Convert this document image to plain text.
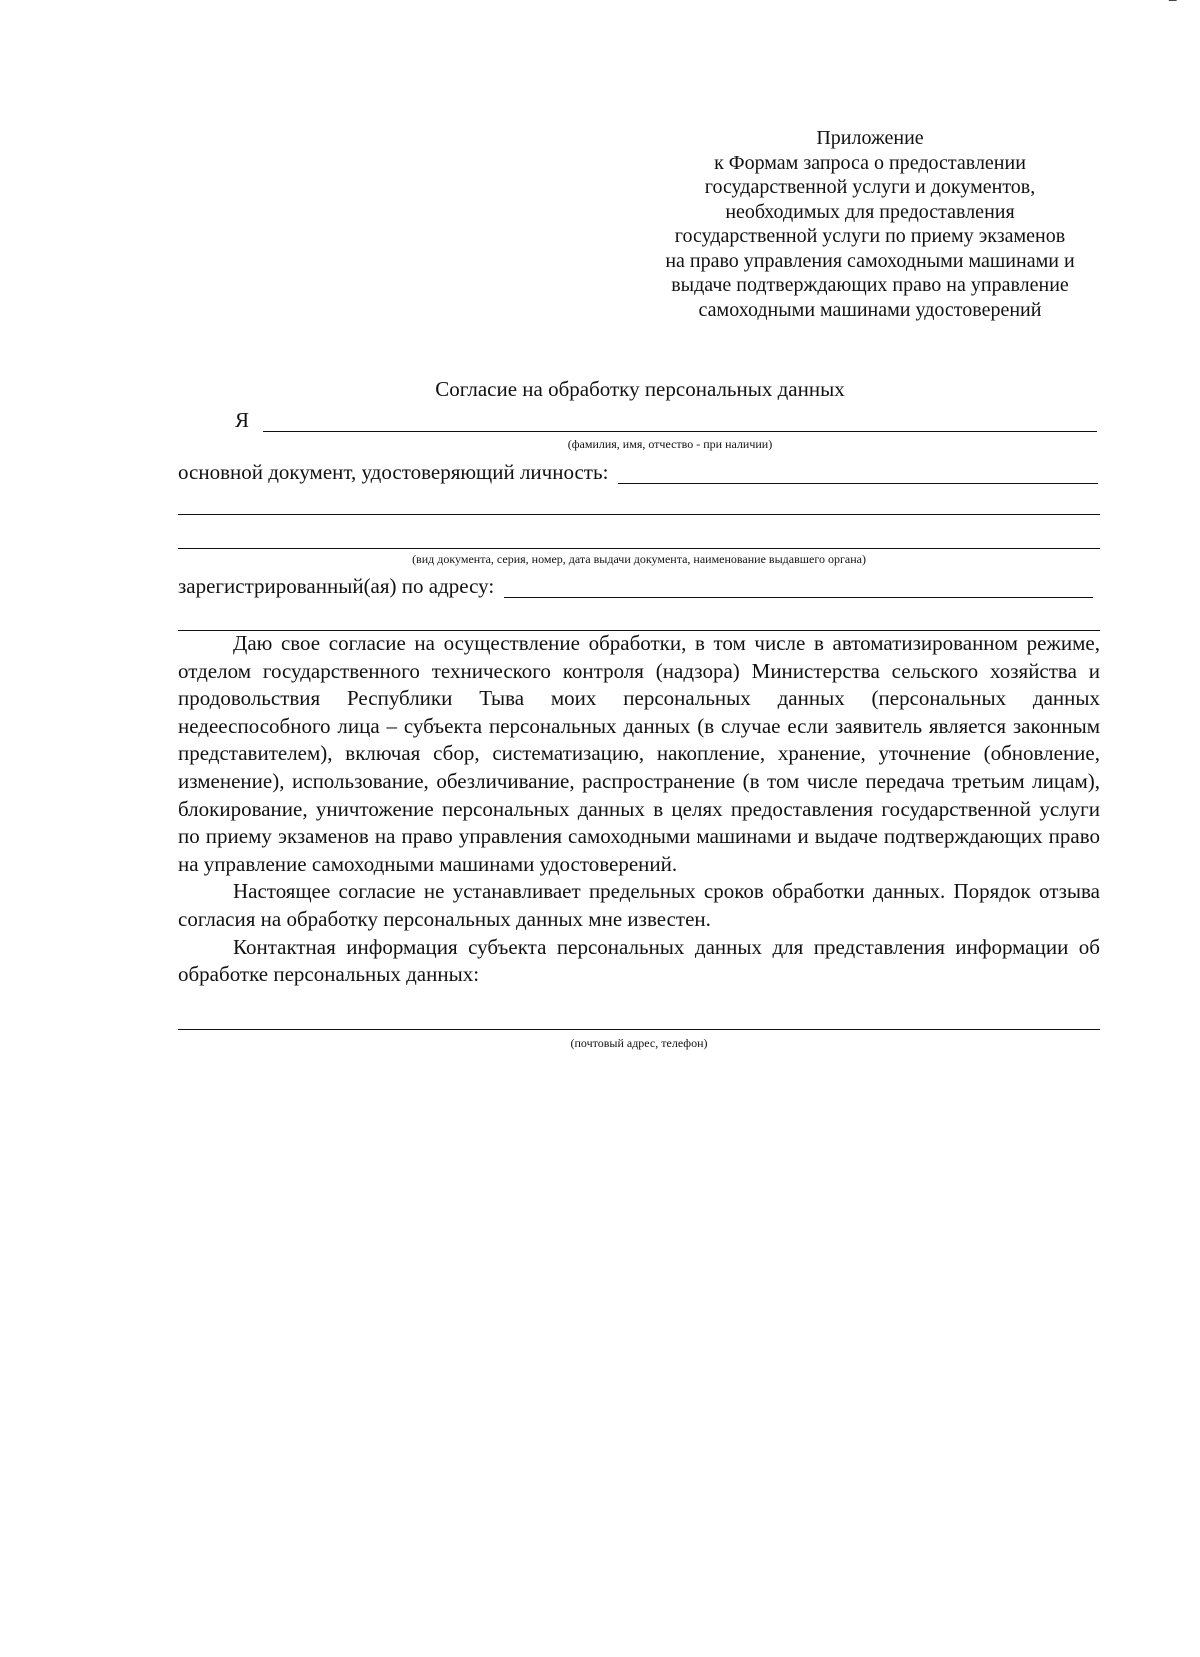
Приложение
к Формам запроса о предоставлении
государственной услуги и документов,
необходимых для предоставления
государственной услуги по приему экзаменов
на право управления самоходными машинами и
выдаче подтверждающих право на управление
самоходными машинами удостоверений
Согласие на обработку персональных данных
Я
(фамилия, имя, отчество - при наличии)
основной документ, удостоверяющий личность:
(вид документа, серия, номер, дата выдачи документа, наименование выдавшего органа)
зарегистрированный(ая) по адресу:

Даю свое согласие на осуществление обработки, в том числе в автоматизированном режиме, отделом государственного технического контроля (надзора) Министерства сельского хозяйства и продовольствия Республики Тыва моих персональных данных (персональных данных недееспособного лица – субъекта персональных данных (в случае если заявитель является законным представителем), включая сбор, систематизацию, накопление, хранение, уточнение (обновление, изменение), использование, обезличивание, распространение (в том числе передача третьим лицам), блокирование, уничтожение персональных данных в целях предоставления государственной услуги по приему экзаменов на право управления самоходными машинами и выдаче подтверждающих право на управление самоходными машинами удостоверений.

Настоящее согласие не устанавливает предельных сроков обработки данных. Порядок отзыва согласия на обработку персональных данных мне известен.

Контактная информация субъекта персональных данных для представления информации об обработке персональных данных:

(почтовый адрес, телефон)
‾
